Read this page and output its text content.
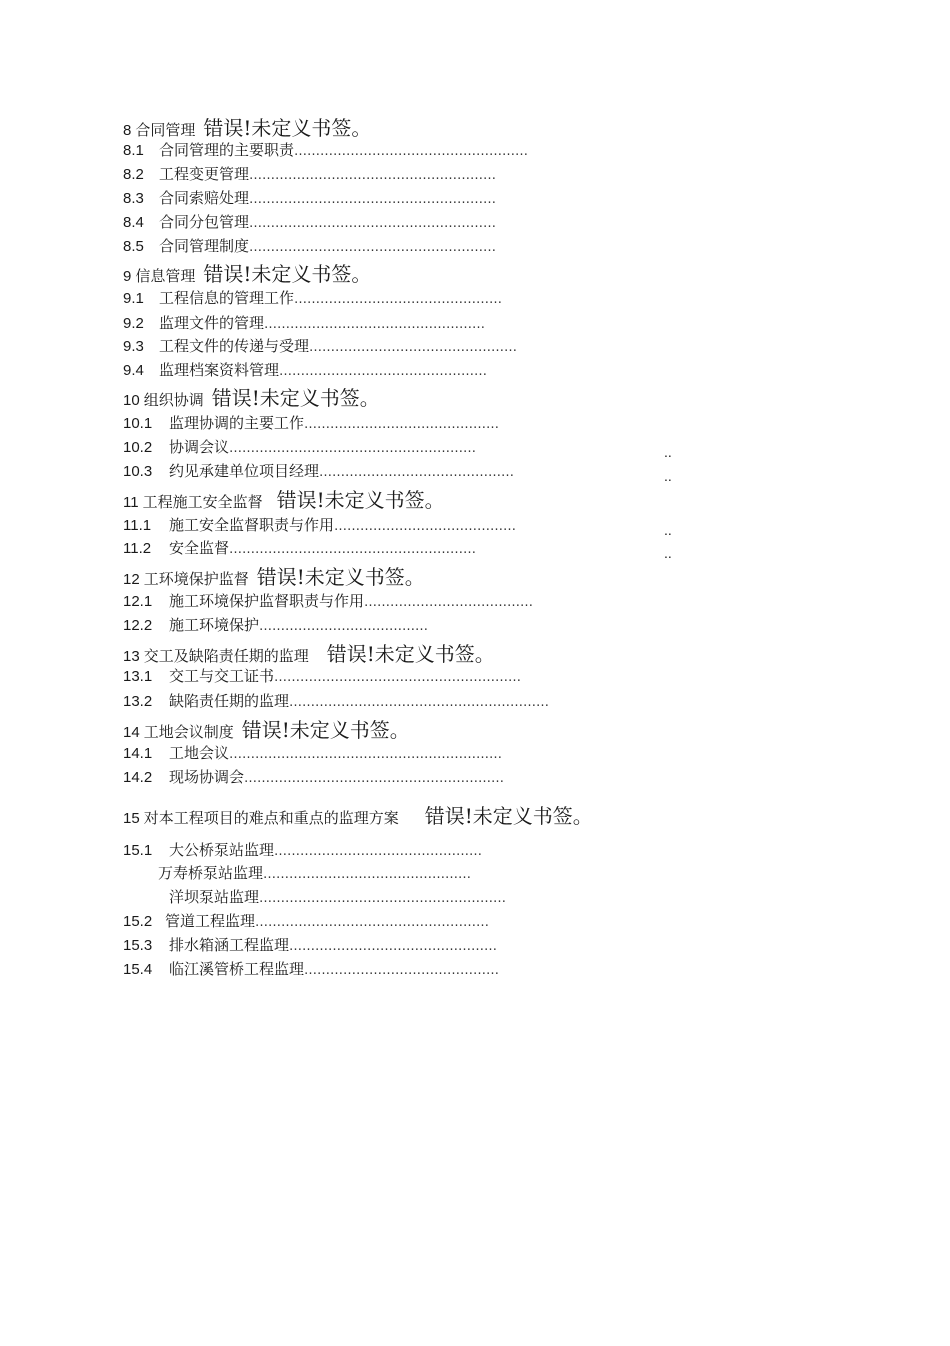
8 合同管理 错误!未定义书签。
8.1 合同管理的主要职责………………………………………………
8.2 工程变更管理…………………………………………………
8.3 合同索赔处理…………………………………………………
8.4 合同分包管理…………………………………………………
8.5 合同管理制度…………………………………………………
9 信息管理 错误!未定义书签。
9.1 工程信息的管理工作…………………………………………
9.2 监理文件的管理……………………………………………
9.3 工程文件的传递与受理…………………………………………
9.4 监理档案资料管理…………………………………………
10 组织协调 错误!未定义书签。
10.1 监理协调的主要工作………………………………………
10.2 协调会议…………………………………………………	..
10.3 约见承建单位项目经理………………………………………	..
11 工程施工安全监督 错误!未定义书签。
11.1 施工安全监督职责与作用……………………………………	..
11.2 安全监督…………………………………………………	..
12 工环境保护监督 错误!未定义书签。
12.1 施工环境保护监督职责与作用…………………………………
12.2 施工环境保护…………………………………
13 交工及缺陷责任期的监理 错误!未定义书签。
13.1 交工与交工证书…………………………………………………
13.2 缺陷责任期的监理……………………………………………………
14 工地会议制度 错误!未定义书签。
14.1 工地会议………………………………………………………
14.2 现场协调会……………………………………………………
15 对本工程项目的难点和重点的监理方案 错误!未定义书签。
15.1 大公桥泵站监理…………………………………………
万寿桥泵站监理…………………………………………
洋坝泵站监理…………………………………………………
15.2 管道工程监理………………………………………………
15.3 排水箱涵工程监理…………………………………………
15.4 临江溪管桥工程监理………………………………………
